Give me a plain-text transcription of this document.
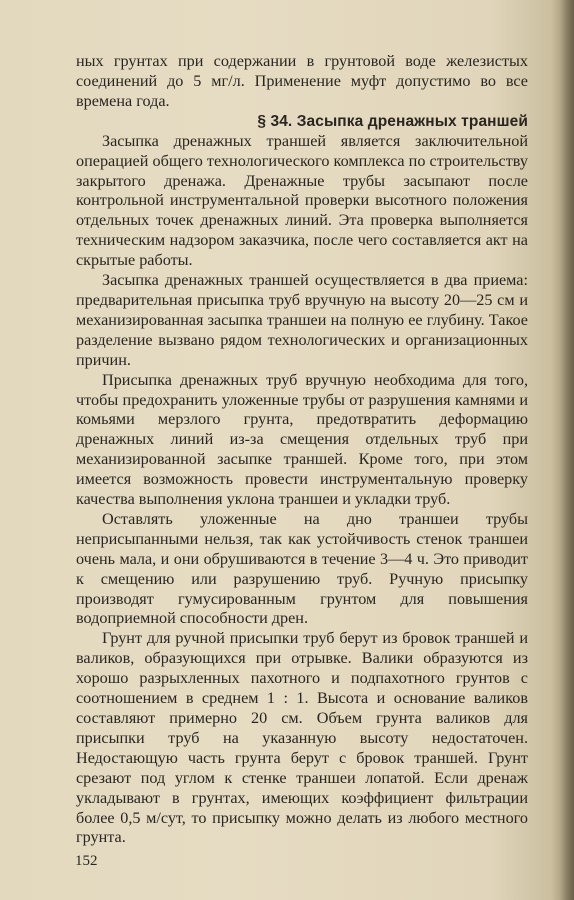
ных грунтах при содержании в грунтовой воде железистых соединений до 5 мг/л. Применение муфт допустимо во все времена года.

§ 34. Засыпка дренажных траншей

Засыпка дренажных траншей является заключительной операцией общего технологического комплекса по строительству закрытого дренажа. Дренажные трубы засыпают после контрольной инструментальной проверки высотного положения отдельных точек дренажных линий. Эта проверка выполняется техническим надзором заказчика, после чего составляется акт на скрытые работы.

Засыпка дренажных траншей осуществляется в два приема: предварительная присыпка труб вручную на высоту 20—25 см и механизированная засыпка траншеи на полную ее глубину. Такое разделение вызвано рядом технологических и организационных причин.

Присыпка дренажных труб вручную необходима для того, чтобы предохранить уложенные трубы от разрушения камнями и комьями мерзлого грунта, предотвратить деформацию дренажных линий из-за смещения отдельных труб при механизированной засыпке траншей. Кроме того, при этом имеется возможность провести инструментальную проверку качества выполнения уклона траншеи и укладки труб.

Оставлять уложенные на дно траншеи трубы неприсыпанными нельзя, так как устойчивость стенок траншеи очень мала, и они обрушиваются в течение 3—4 ч. Это приводит к смещению или разрушению труб. Ручную присыпку производят гумусированным грунтом для повышения водоприемной способности дрен.

Грунт для ручной присыпки труб берут из бровок траншей и валиков, образующихся при отрывке. Валики образуются из хорошо разрыхленных пахотного и подпахотного грунтов с соотношением в среднем 1 : 1. Высота и основание валиков составляют примерно 20 см. Объем грунта валиков для присыпки труб на указанную высоту недостаточен. Недостающую часть грунта берут с бровок траншей. Грунт срезают под углом к стенке траншеи лопатой. Если дренаж укладывают в грунтах, имеющих коэффициент фильтрации более 0,5 м/сут, то присыпку можно делать из любого местного грунта.

152
